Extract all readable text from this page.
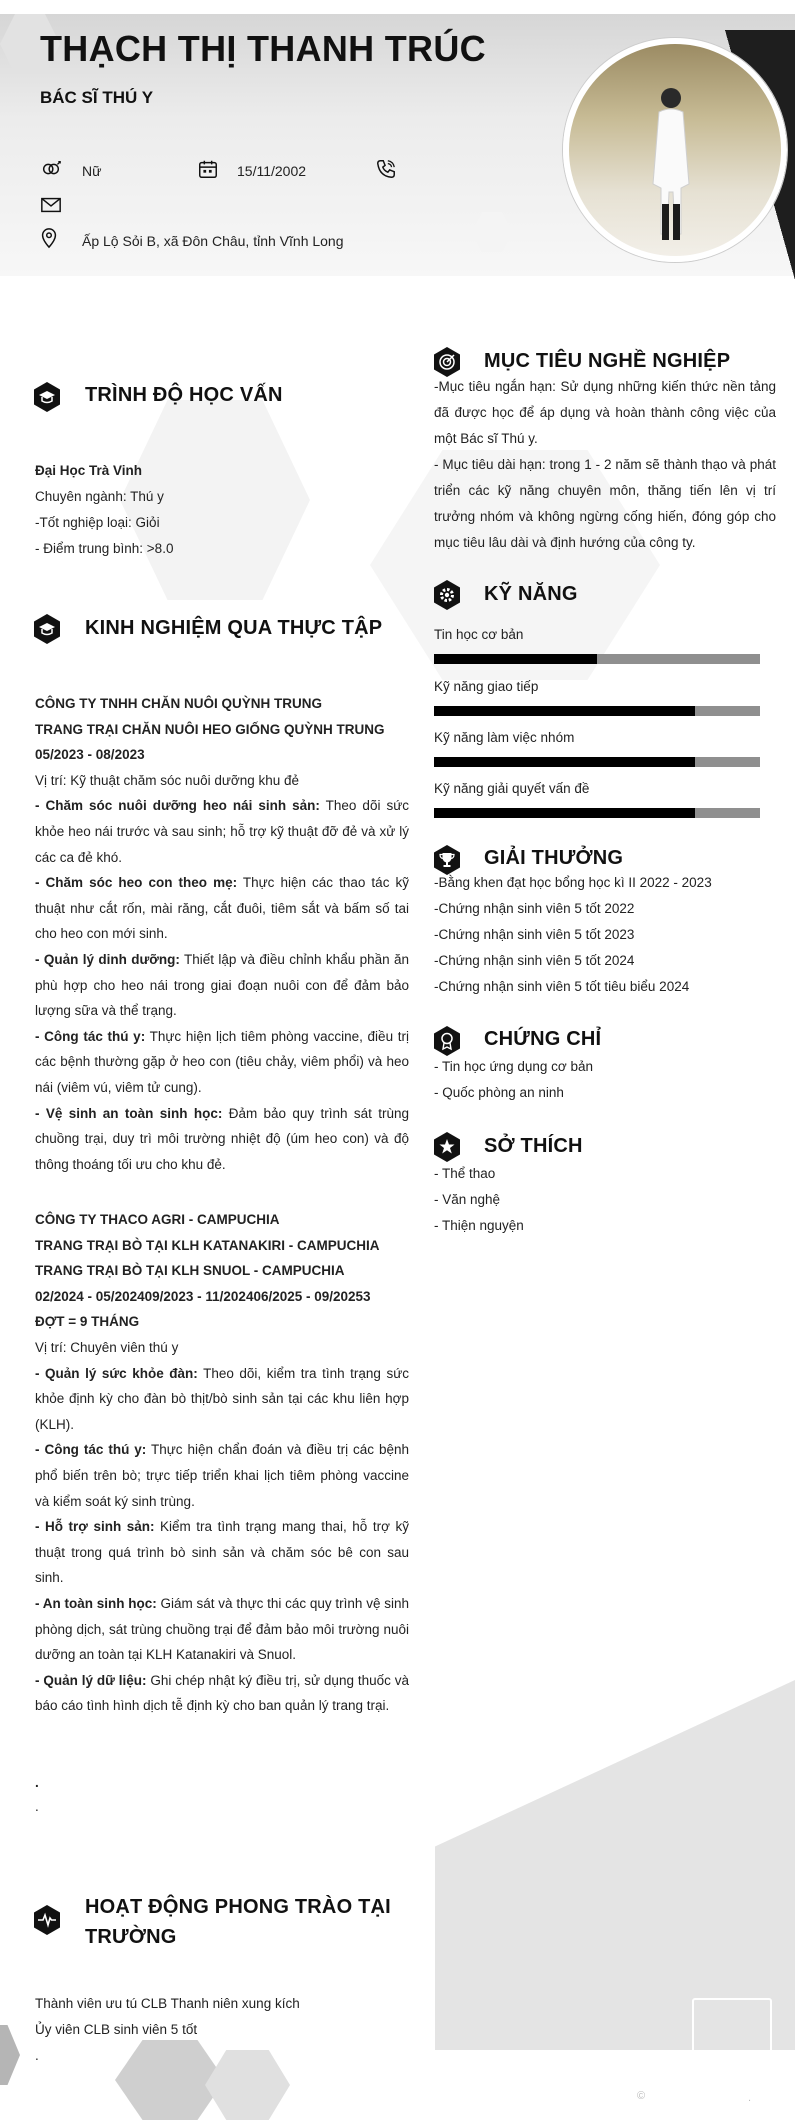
THẠCH THỊ THANH TRÚC
BÁC SĨ THÚ Y
Nữ	15/11/2002
Ấp Lộ Sỏi B, xã Đôn Châu, tỉnh Vĩnh Long
TRÌNH ĐỘ HỌC VẤN

Đại Học Trà Vinh

Chuyên ngành: Thú y

-Tốt nghiệp loại: Giỏi

- Điểm trung bình: >8.0

KINH NGHIỆM QUA THỰC TẬP

CÔNG TY TNHH CHĂN NUÔI QUỲNH TRUNG

TRANG TRẠI CHĂN NUÔI HEO GIỐNG QUỲNH TRUNG

05/2023 - 08/2023

Vị trí: Kỹ thuật chăm sóc nuôi dưỡng khu đẻ

- Chăm sóc nuôi dưỡng heo nái sinh sản: Theo dõi sức khỏe heo nái trước và sau sinh; hỗ trợ kỹ thuật đỡ đẻ và xử lý các ca đẻ khó.

- Chăm sóc heo con theo mẹ: Thực hiện các thao tác kỹ thuật như cắt rốn, mài răng, cắt đuôi, tiêm sắt và bấm số tai cho heo con mới sinh.

- Quản lý dinh dưỡng: Thiết lập và điều chỉnh khẩu phần ăn phù hợp cho heo nái trong giai đoạn nuôi con để đảm bảo lượng sữa và thể trạng.

- Công tác thú y: Thực hiện lịch tiêm phòng vaccine, điều trị các bệnh thường gặp ở heo con (tiêu chảy, viêm phổi) và heo nái (viêm vú, viêm tử cung).

- Vệ sinh an toàn sinh học: Đảm bảo quy trình sát trùng chuồng trại, duy trì môi trường nhiệt độ (úm heo con) và độ thông thoáng tối ưu cho khu đẻ.

CÔNG TY THACO AGRI - CAMPUCHIA

TRANG TRẠI BÒ TẠI KLH KATANAKIRI - CAMPUCHIA

TRANG TRẠI BÒ TẠI KLH SNUOL - CAMPUCHIA

02/2024 - 05/202409/2023 - 11/202406/2025 - 09/20253

ĐỢT = 9 THÁNG

Vị trí: Chuyên viên thú y

- Quản lý sức khỏe đàn: Theo dõi, kiểm tra tình trạng sức khỏe định kỳ cho đàn bò thịt/bò sinh sản tại các khu liên hợp (KLH).

- Công tác thú y: Thực hiện chẩn đoán và điều trị các bệnh phổ biến trên bò; trực tiếp triển khai lịch tiêm phòng vaccine và kiểm soát ký sinh trùng.

- Hỗ trợ sinh sản: Kiểm tra tình trạng mang thai, hỗ trợ kỹ thuật trong quá trình bò sinh sản và chăm sóc bê con sau sinh.

- An toàn sinh học: Giám sát và thực thi các quy trình vệ sinh phòng dịch, sát trùng chuồng trại để đảm bảo môi trường nuôi dưỡng an toàn tại KLH Katanakiri và Snuol.

- Quản lý dữ liệu: Ghi chép nhật ký điều trị, sử dụng thuốc và báo cáo tình hình dịch tễ định kỳ cho ban quản lý trang trại.

.
.

HOẠT ĐỘNG PHONG TRÀO TẠI

TRƯỜNG

Thành viên ưu tú CLB Thanh niên xung kích

Ủy viên CLB sinh viên 5 tốt

.

MỤC TIÊU NGHỀ NGHIỆP

-Mục tiêu ngắn hạn: Sử dụng những kiến thức nền tảng đã được học để áp dụng và hoàn thành công việc của một Bác sĩ Thú y.

- Mục tiêu dài hạn: trong 1 - 2 năm sẽ thành thạo và phát triển các kỹ năng chuyên môn, thăng tiến lên vị trí trưởng nhóm và không ngừng cống hiến, đóng góp cho mục tiêu lâu dài và định hướng của công ty.

KỸ NĂNG
Tin học cơ bản
Kỹ năng giao tiếp
Kỹ năng làm việc nhóm
Kỹ năng giải quyết vấn đề
GIẢI THƯỞNG

-Bằng khen đạt học bổng học kì II 2022 - 2023

-Chứng nhận sinh viên 5 tốt 2022

-Chứng nhận sinh viên 5 tốt 2023

-Chứng nhận sinh viên 5 tốt 2024

-Chứng nhận sinh viên 5 tốt tiêu biểu 2024

CHỨNG CHỈ

- Tin học ứng dụng cơ bản

- Quốc phòng an ninh

SỞ THÍCH

- Thể thao

- Văn nghệ

- Thiện nguyện

©	.
